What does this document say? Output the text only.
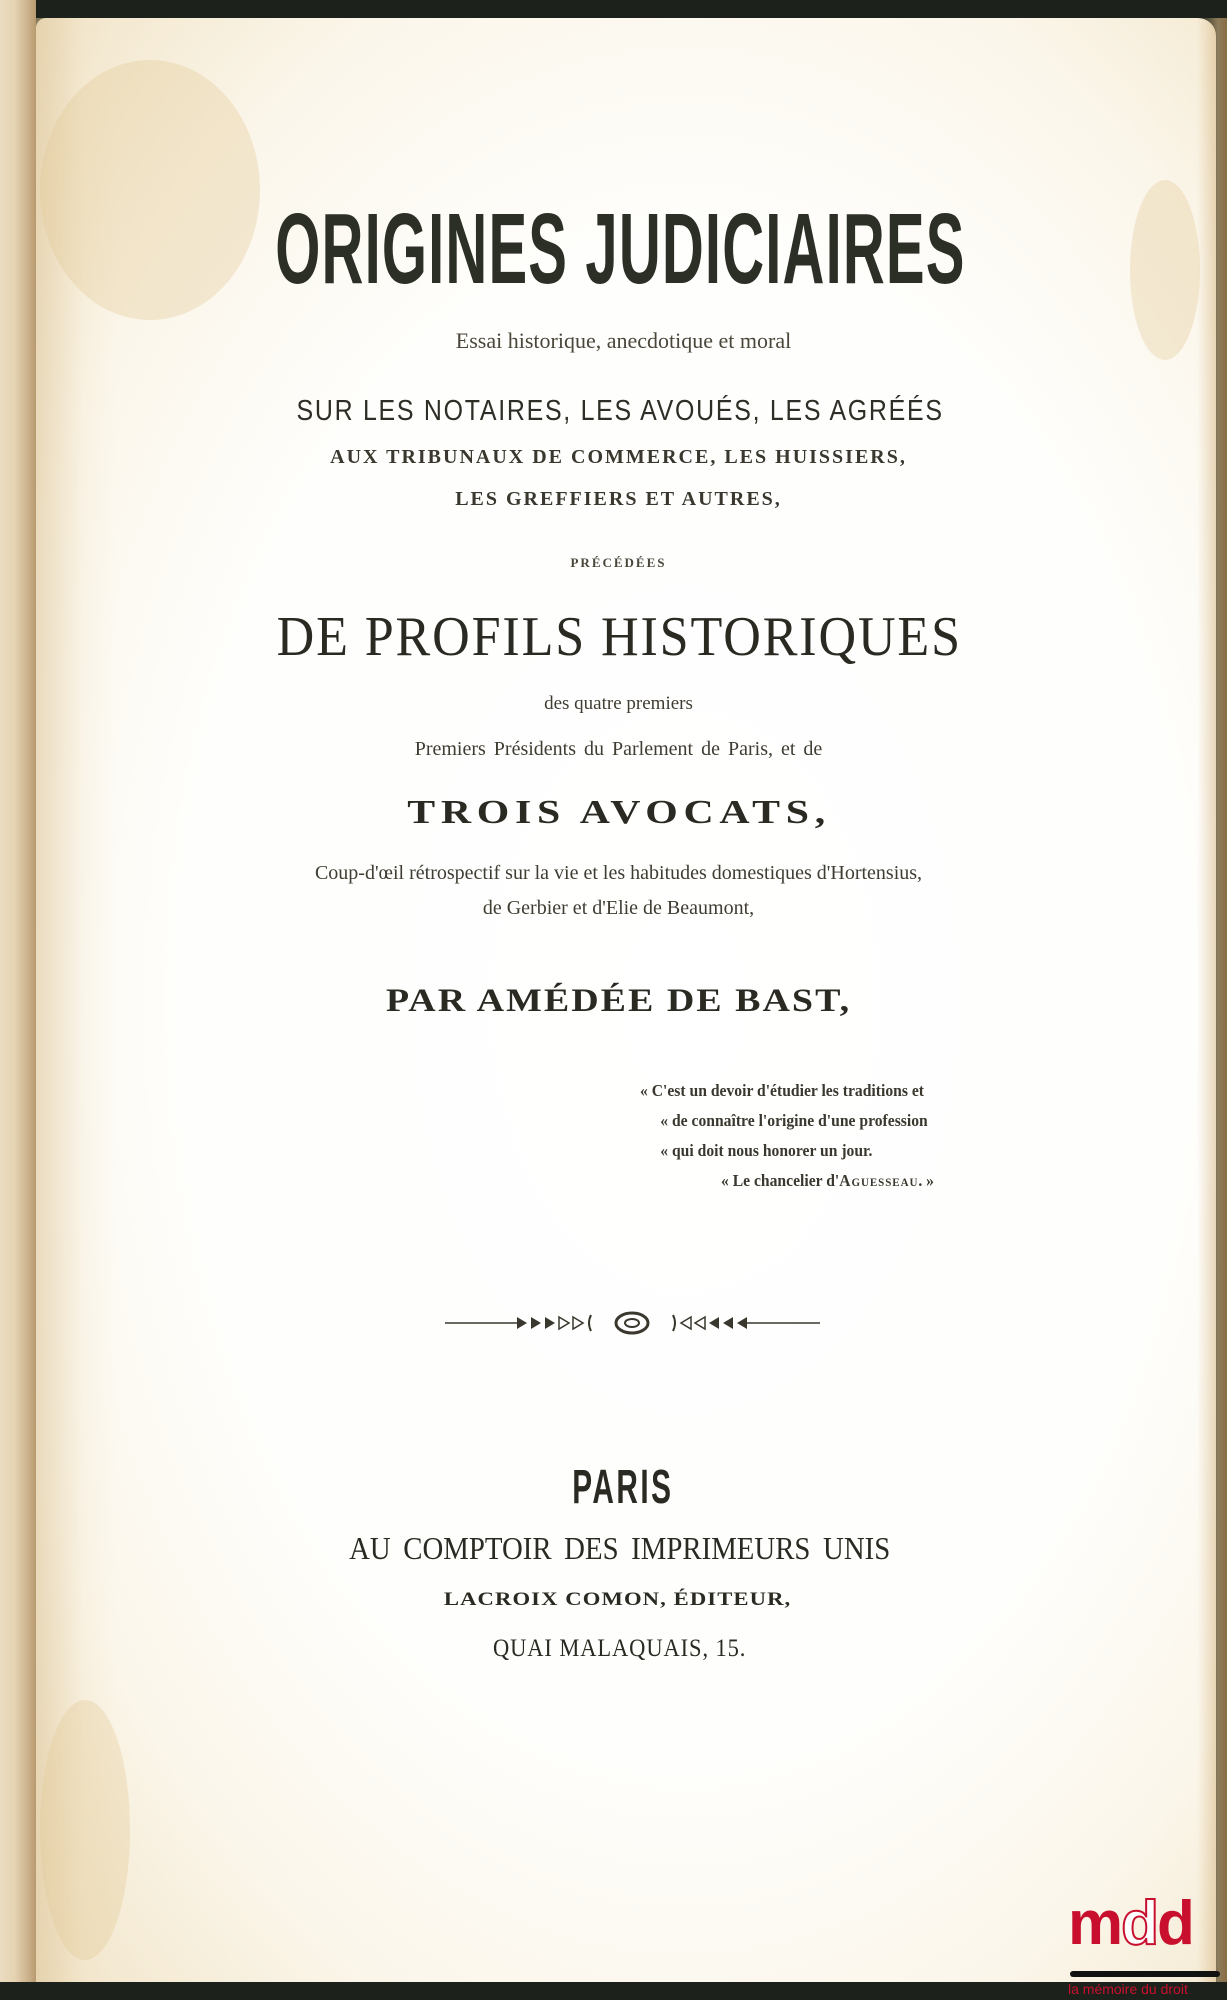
ORIGINES JUDICIAIRES
Essai historique, anecdotique et moral
SUR LES NOTAIRES, LES AVOUÉS, LES AGRÉÉS
AUX TRIBUNAUX DE COMMERCE, LES HUISSIERS,
LES GREFFIERS ET AUTRES,
PRÉCÉDÉES
DE PROFILS HISTORIQUES
des quatre premiers
Premiers Présidents du Parlement de Paris, et de
TROIS AVOCATS,
Coup-d'œil rétrospectif sur la vie et les habitudes domestiques d'Hortensius,
de Gerbier et d'Elie de Beaumont,
PAR AMÉDÉE DE BAST,
« C'est un devoir d'étudier les traditions et
« de connaître l'origine d'une profession
« qui doit nous honorer un jour.
« Le chancelier d'Aguesseau. »
PARIS
AU COMPTOIR DES IMPRIMEURS UNIS
LACROIX COMON, ÉDITEUR,
QUAI MALAQUAIS, 15.
mdd
la mémoire du droit
